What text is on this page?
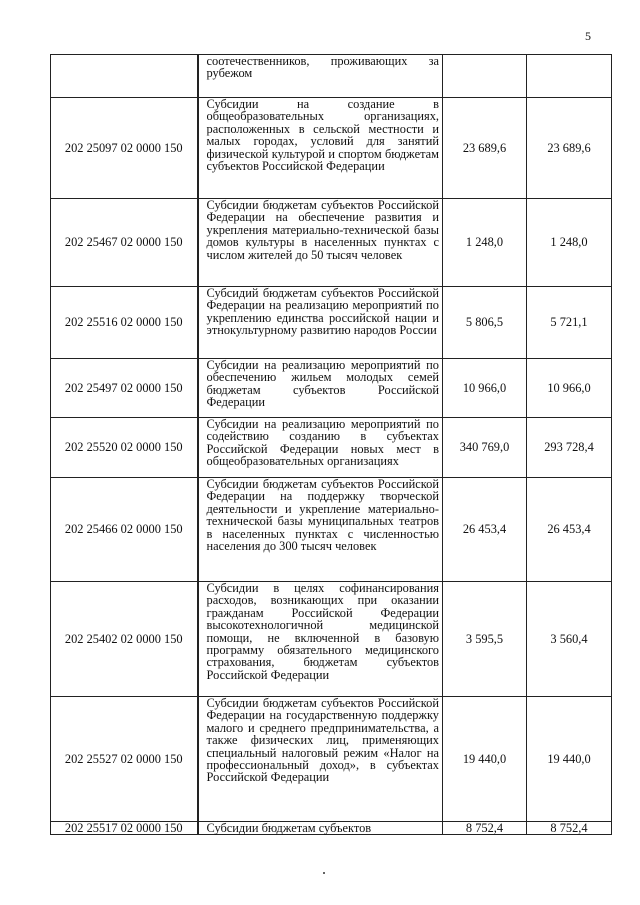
5
	соотечественников, проживающих за рубежом		
202 25097 02 0000 150	Субсидии на создание в общеобразовательных организациях, расположенных в сельской местности и малых городах, условий для занятий физической культурой и спортом бюджетам субъектов Российской Федерации	23 689,6	23 689,6
202 25467 02 0000 150	Субсидии бюджетам субъектов Российской Федерации на обеспечение развития и укрепления материально-технической базы домов культуры в населенных пунктах с числом жителей до 50 тысяч человек	1 248,0	1 248,0
202 25516 02 0000 150	Субсидий бюджетам субъектов Российской Федерации на реализацию мероприятий по укреплению единства российской нации и этнокультурному развитию народов России	5 806,5	5 721,1
202 25497 02 0000 150	Субсидии на реализацию мероприятий по обеспечению жильем молодых семей бюджетам субъектов Российской Федерации	10 966,0	10 966,0
202 25520 02 0000 150	Субсидии на реализацию мероприятий по содействию созданию в субъектах Российской Федерации новых мест в общеобразовательных организациях	340 769,0	293 728,4
202 25466 02 0000 150	Субсидии бюджетам субъектов Российской Федерации на поддержку творческой деятельности и укрепление материально-технической базы муниципальных театров в населенных пунктах с численностью населения до 300 тысяч человек	26 453,4	26 453,4
202 25402 02 0000 150	Субсидии в целях софинансирования расходов, возникающих при оказании гражданам Российской Федерации высокотехнологичной медицинской помощи, не включенной в базовую программу обязательного медицинского страхования, бюджетам субъектов Российской Федерации	3 595,5	3 560,4
202 25527 02 0000 150	Субсидии бюджетам субъектов Российской Федерации на государственную поддержку малого и среднего предпринимательства, а также физических лиц, применяющих специальный налоговый режим «Налог на профессиональный доход», в субъектах Российской Федерации	19 440,0	19 440,0
202 25517 02 0000 150	Субсидии бюджетам субъектов	8 752,4	8 752,4
